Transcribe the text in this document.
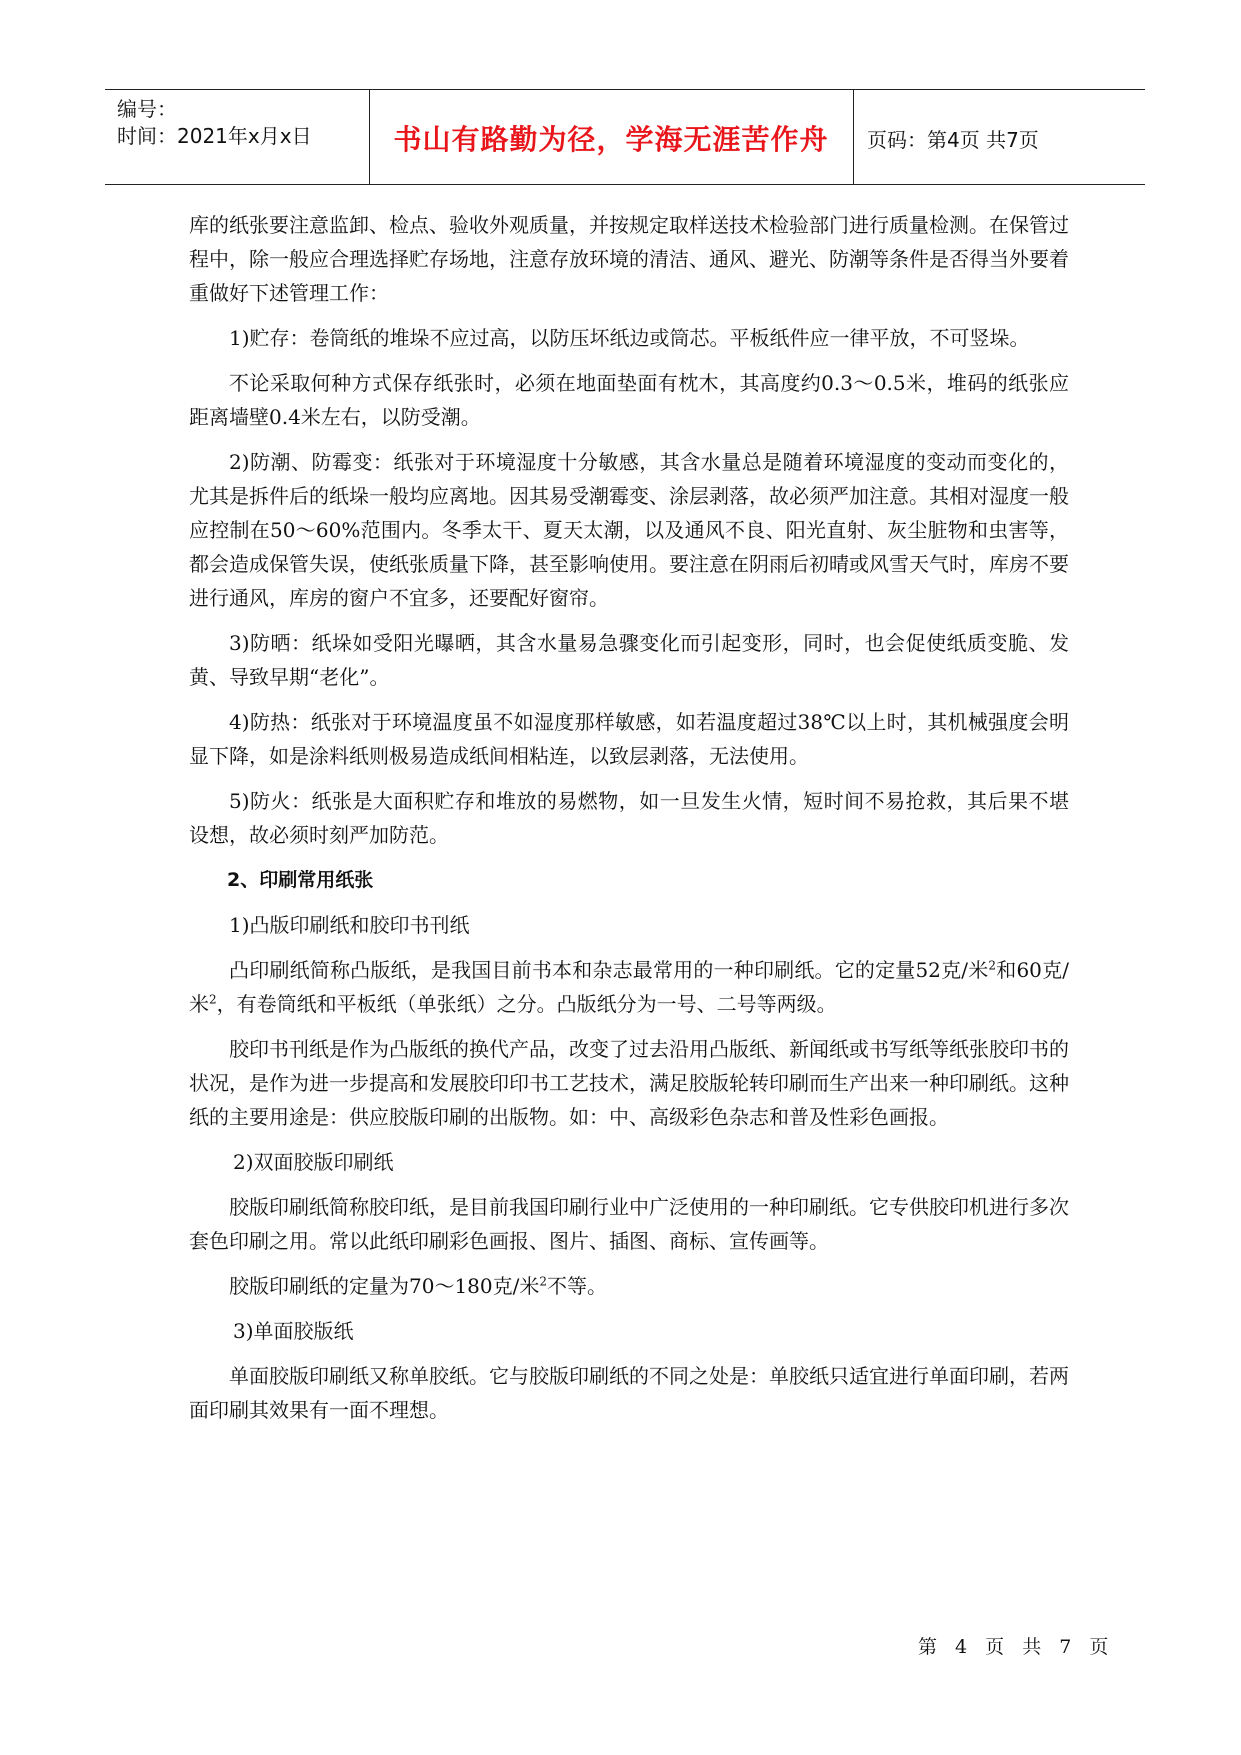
编号：
时间：2021年x月x日	书山有路勤为径，学海无涯苦作舟	页码：第4页 共7页

库的纸张要注意监卸、检点、验收外观质量，并按规定取样送技术检验部门进行质量检测。在保管过程中，除一般应合理选择贮存场地，注意存放环境的清洁、通风、避光、防潮等条件是否得当外要着重做好下述管理工作：

1)贮存：卷筒纸的堆垛不应过高，以防压坏纸边或筒芯。平板纸件应一律平放，不可竖垛。

不论采取何种方式保存纸张时，必须在地面垫面有枕木，其高度约0.3～0.5米，堆码的纸张应距离墙壁0.4米左右，以防受潮。

2)防潮、防霉变：纸张对于环境湿度十分敏感，其含水量总是随着环境湿度的变动而变化的，尤其是拆件后的纸垛一般均应离地。因其易受潮霉变、涂层剥落，故必须严加注意。其相对湿度一般应控制在50～60%范围内。冬季太干、夏天太潮，以及通风不良、阳光直射、灰尘脏物和虫害等，都会造成保管失误，使纸张质量下降，甚至影响使用。要注意在阴雨后初晴或风雪天气时，库房不要进行通风，库房的窗户不宜多，还要配好窗帘。

3)防晒：纸垛如受阳光曝晒，其含水量易急骤变化而引起变形，同时，也会促使纸质变脆、发黄、导致早期“老化”。

4)防热：纸张对于环境温度虽不如湿度那样敏感，如若温度超过38℃以上时，其机械强度会明显下降，如是涂料纸则极易造成纸间相粘连，以致层剥落，无法使用。

5)防火：纸张是大面积贮存和堆放的易燃物，如一旦发生火情，短时间不易抢救，其后果不堪设想，故必须时刻严加防范。

2、印刷常用纸张

1)凸版印刷纸和胶印书刊纸

凸印刷纸简称凸版纸，是我国目前书本和杂志最常用的一种印刷纸。它的定量52克/米$^2$和60克/米$^2$，有卷筒纸和平板纸（单张纸）之分。凸版纸分为一号、二号等两级。

胶印书刊纸是作为凸版纸的换代产品，改变了过去沿用凸版纸、新闻纸或书写纸等纸张胶印书的状况，是作为进一步提高和发展胶印印书工艺技术，满足胶版轮转印刷而生产出来一种印刷纸。这种纸的主要用途是：供应胶版印刷的出版物。如：中、高级彩色杂志和普及性彩色画报。

2)双面胶版印刷纸

胶版印刷纸简称胶印纸，是目前我国印刷行业中广泛使用的一种印刷纸。它专供胶印机进行多次套色印刷之用。常以此纸印刷彩色画报、图片、插图、商标、宣传画等。

胶版印刷纸的定量为70～180克/米$^2$不等。

3)单面胶版纸

单面胶版印刷纸又称单胶纸。它与胶版印刷纸的不同之处是：单胶纸只适宜进行单面印刷，若两面印刷其效果有一面不理想。

第 4 页 共 7 页
